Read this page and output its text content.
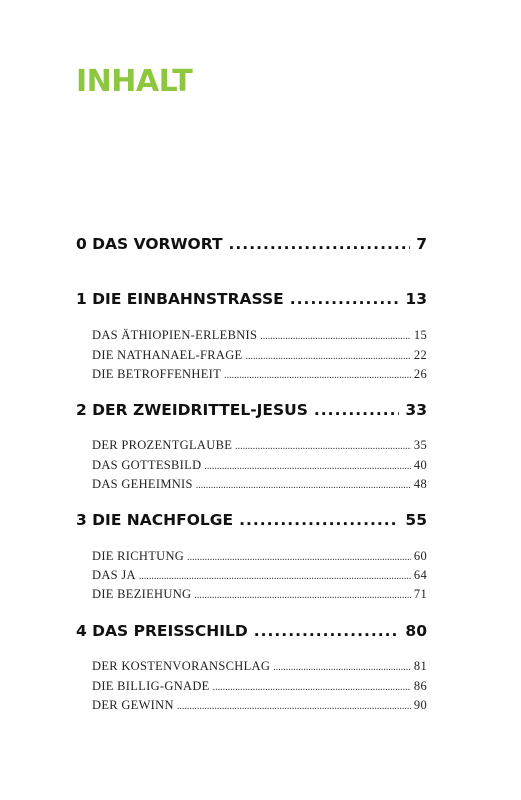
INHALT
0 DAS VORWORT .....	7
1 DIE EINBAHNSTRASSE .....	13
DAS ÄTHIOPIEN-ERLEBNIS .....	15
DIE NATHANAEL-FRAGE .....	22
DIE BETROFFENHEIT .....	26
2 DER ZWEIDRITTEL-JESUS .....	33
DER PROZENTGLAUBE .....	35
DAS GOTTESBILD .....	40
DAS GEHEIMNIS .....	48
3 DIE NACHFOLGE .....	55
DIE RICHTUNG .....	60
DAS JA .....	64
DIE BEZIEHUNG .....	71
4 DAS PREISSCHILD .....	80
DER KOSTENVORANSCHLAG .....	81
DIE BILLIG-GNADE .....	86
DER GEWINN .....	90
